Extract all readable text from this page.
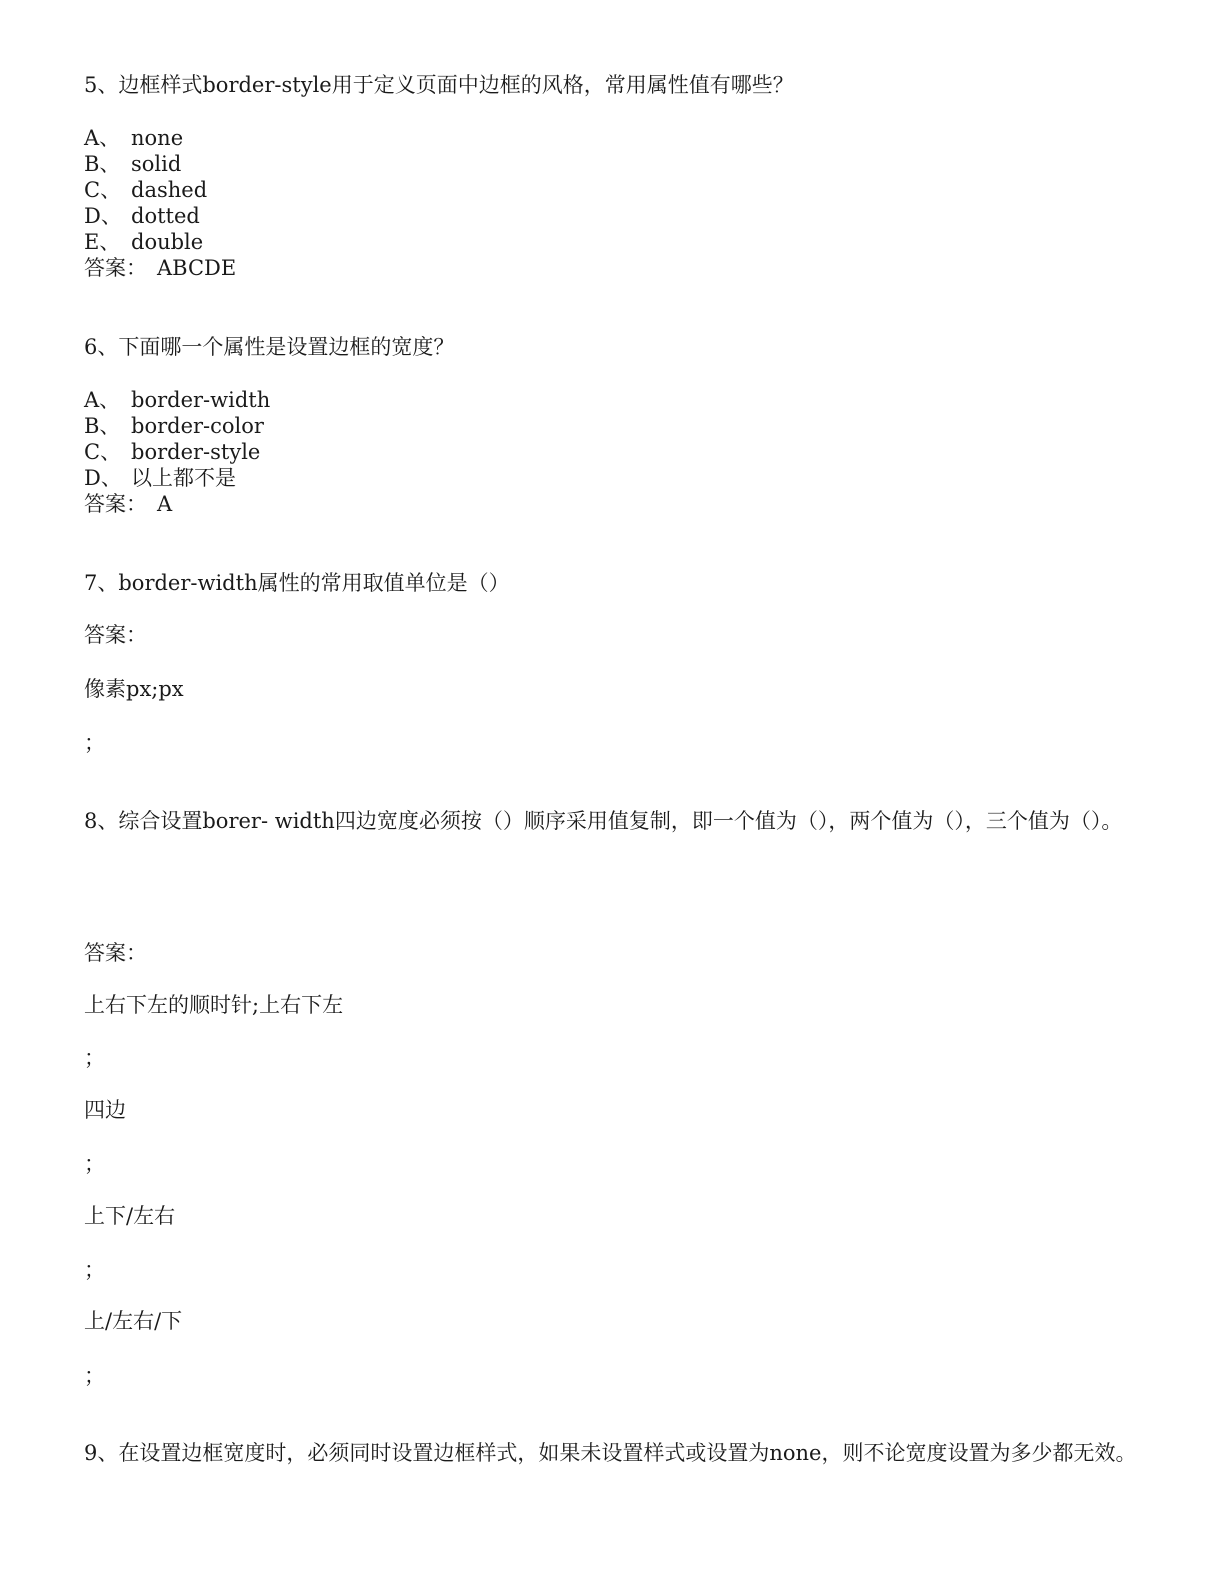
5、边框样式border-style用于定义页面中边框的风格，常用属性值有哪些？
A、 none
B、 solid
C、 dashed
D、 dotted
E、 double
答案： ABCDE
6、下面哪一个属性是设置边框的宽度？
A、 border-width
B、 border-color
C、 border-style
D、 以上都不是
答案： A
7、border-width属性的常用取值单位是（）
答案：
像素px;px
；
8、综合设置borer- width四边宽度必须按（）顺序采用值复制，即一个值为（），两个值为（），三个值为（）。
答案：
上右下左的顺时针;上右下左
；
四边
；
上下/左右
；
上/左右/下
；
9、在设置边框宽度时，必须同时设置边框样式，如果未设置样式或设置为none，则不论宽度设置为多少都无效。
